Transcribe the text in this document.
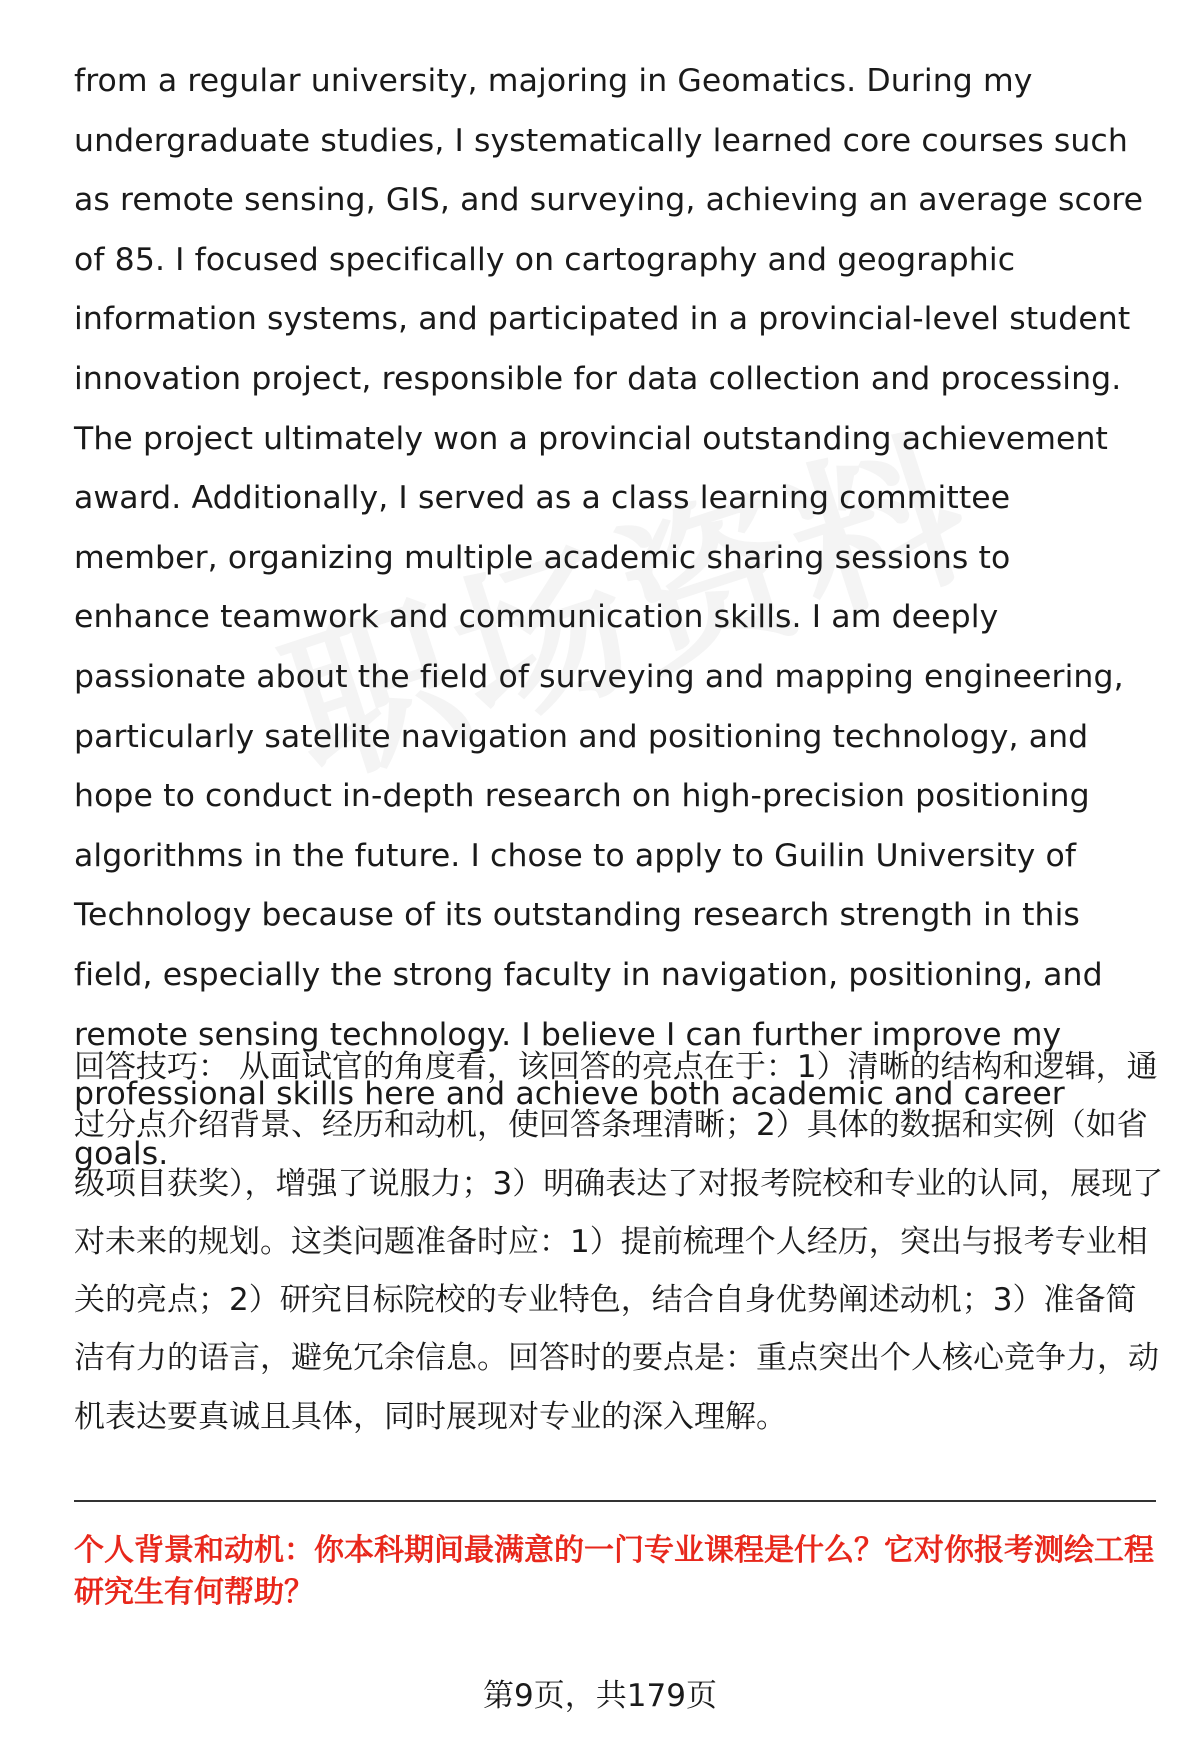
from a regular university, majoring in Geomatics. During my undergraduate studies, I systematically learned core courses such as remote sensing, GIS, and surveying, achieving an average score of 85. I focused specifically on cartography and geographic information systems, and participated in a provincial-level student innovation project, responsible for data collection and processing. The project ultimately won a provincial outstanding achievement award. Additionally, I served as a class learning committee member, organizing multiple academic sharing sessions to enhance teamwork and communication skills. I am deeply passionate about the field of surveying and mapping engineering, particularly satellite navigation and positioning technology, and hope to conduct in-depth research on high-precision positioning algorithms in the future. I chose to apply to Guilin University of Technology because of its outstanding research strength in this field, especially the strong faculty in navigation, positioning, and remote sensing technology. I believe I can further improve my professional skills here and achieve both academic and career goals.

回答技巧： 从面试官的角度看，该回答的亮点在于：1）清晰的结构和逻辑，通过分点介绍背景、经历和动机，使回答条理清晰；2）具体的数据和实例（如省级项目获奖），增强了说服力；3）明确表达了对报考院校和专业的认同，展现了对未来的规划。这类问题准备时应：1）提前梳理个人经历，突出与报考专业相关的亮点；2）研究目标院校的专业特色，结合自身优势阐述动机；3）准备简洁有力的语言，避免冗余信息。回答时的要点是：重点突出个人核心竞争力，动机表达要真诚且具体，同时展现对专业的深入理解。

个人背景和动机：你本科期间最满意的一门专业课程是什么？它对你报考测绘工程研究生有何帮助？

第9页，共179页
